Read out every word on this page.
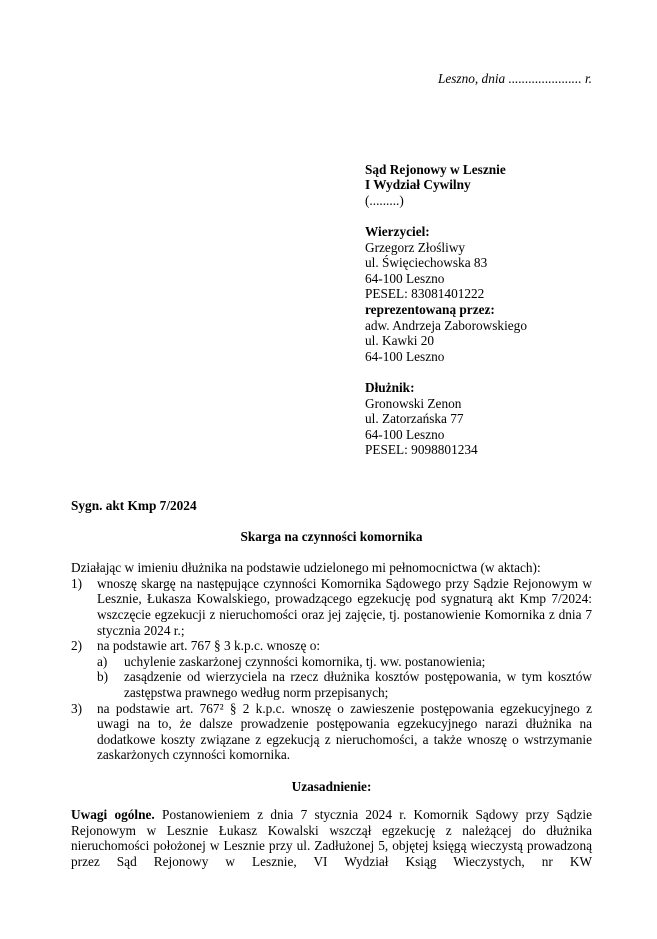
Leszno, dnia ...................... r.
Sąd Rejonowy w Lesznie
I Wydział Cywilny
(.........)
Wierzyciel:
Grzegorz Złośliwy
ul. Święciechowska 83
64-100 Leszno
PESEL: 83081401222
reprezentowaną przez:
adw. Andrzeja Zaborowskiego
ul. Kawki 20
64-100 Leszno
Dłużnik:
Gronowski Zenon
ul. Zatorzańska 77
64-100 Leszno
PESEL: 9098801234
Sygn. akt Kmp 7/2024
Skarga na czynności komornika

Działając w imieniu dłużnika na podstawie udzielonego mi pełnomocnictwa (w aktach):

1)	wnoszę skargę na następujące czynności Komornika Sądowego przy Sądzie Rejonowym w Lesznie, Łukasza Kowalskiego, prowadzącego egzekucję pod sygnaturą akt Kmp 7/2024: wszczęcie egzekucji z nieruchomości oraz jej zajęcie, tj. postanowienie Komornika z dnia 7 stycznia 2024 r.;
2)	na podstawie art. 767 § 3 k.p.c. wnoszę o:
a)	uchylenie zaskarżonej czynności komornika, tj. ww. postanowienia;
b)	zasądzenie od wierzyciela na rzecz dłużnika kosztów postępowania, w tym kosztów zastępstwa prawnego według norm przepisanych;
3)	na podstawie art. 767² § 2 k.p.c. wnoszę o zawieszenie postępowania egzekucyjnego z uwagi na to, że dalsze prowadzenie postępowania egzekucyjnego narazi dłużnika na dodatkowe koszty związane z egzekucją z nieruchomości, a także wnoszę o wstrzymanie zaskarżonych czynności komornika.
Uzasadnienie:

Uwagi ogólne. Postanowieniem z dnia 7 stycznia 2024 r. Komornik Sądowy przy Sądzie Rejonowym w Lesznie Łukasz Kowalski wszczął egzekucję z należącej do dłużnika nieruchomości położonej w Lesznie przy ul. Zadłużonej 5, objętej księgą wieczystą prowadzoną przez Sąd Rejonowy w Lesznie, VI Wydział Ksiąg Wieczystych, nr KW
